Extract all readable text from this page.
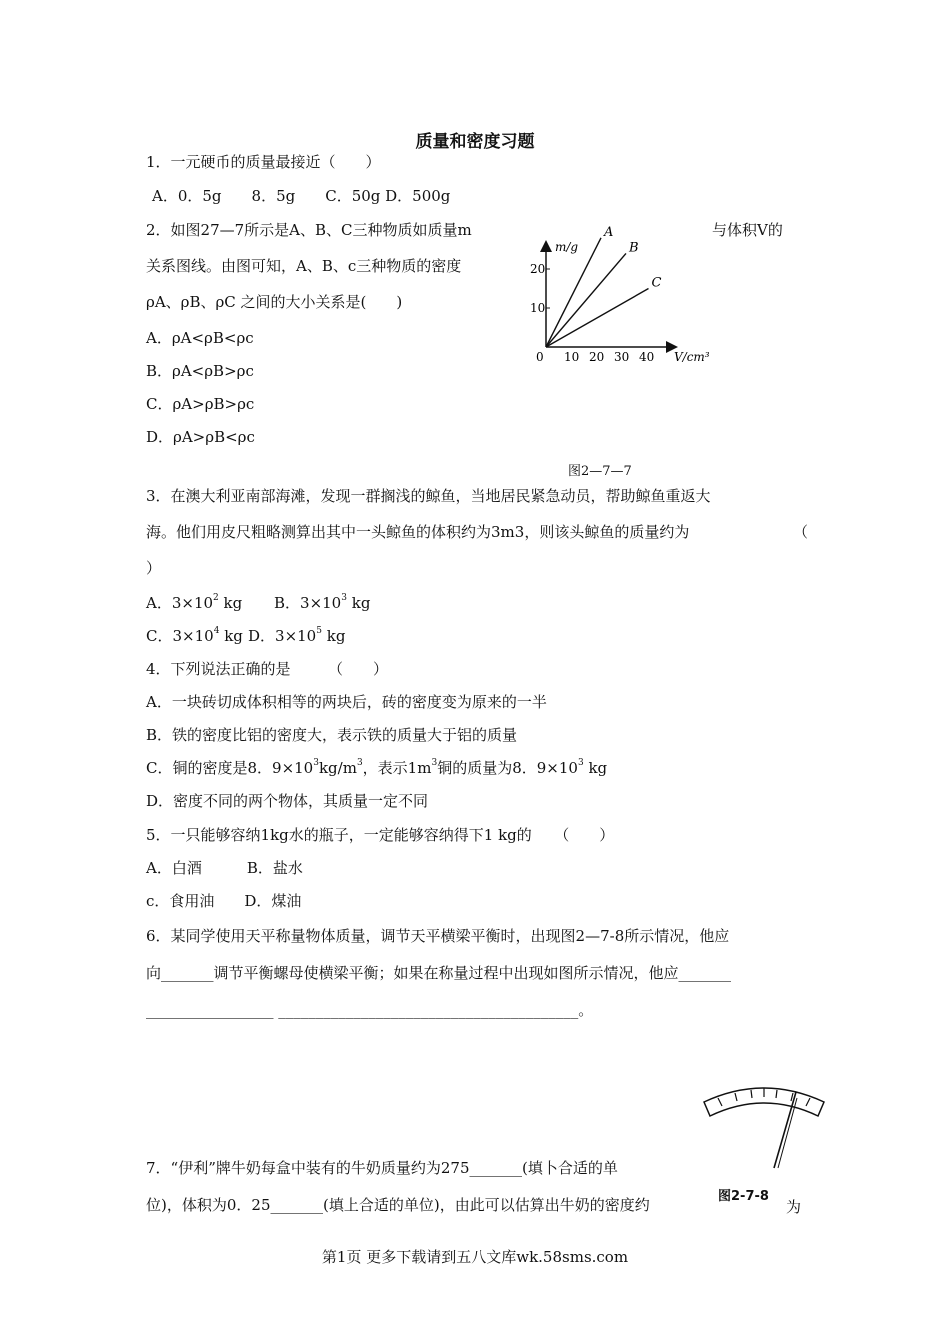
质量和密度习题
1．一元硬币的质量最接近（　　）
A．0．5g　　8．5g　　C．50g D．500g
2．如图27—7所示是A、B、C三种物质如质量m	与体积V的
关系图线。由图可知，A、B、c三种物质的密度
ρA、ρB、ρC 之间的大小关系是(　　)
A．ρA<ρB<ρc
B．ρA<ρB>ρc
C．ρA>ρB>ρc
D．ρA>ρB<ρc
m/g
V/cm³
0 10 20 30 40
10
20
A
B
C
图2—7—7
3．在澳大利亚南部海滩，发现一群搁浅的鲸鱼，当地居民紧急动员，帮助鲸鱼重返大
海。他们用皮尺粗略测算出其中一头鲸鱼的体积约为3m3，则该头鲸鱼的质量约为	（
）
A．$3\times 10^2$ kg B．$3\times 10^3$ kg
C．$3\times 10^4$ kg D．$3\times 10^5$ kg
4．下列说法正确的是　　　（　　）
A．一块砖切成体积相等的两块后，砖的密度变为原来的一半
B．铁的密度比铝的密度大，表示铁的质量大于铝的质量
C．铜的密度是8．$9\times 10^3kg/m^3$，表示$1m^3$铜的质量为8．$9\times 10^3$ kg
D．密度不同的两个物体，其质量一定不同
5．一只能够容纳1kg水的瓶子，一定能够容纳得下1 kg的　　（　　）
A．白酒　　　B．盐水
c．食用油　　D．煤油
6．某同学使用天平称量物体质量，调节天平横梁平衡时，出现图2—7-8所示情况，他应
向_______调节平衡螺母使横梁平衡；如果在称量过程中出现如图所示情况，他应_______
_________________ ________________________________________。
图2-7-8
7．“伊利”牌牛奶每盒中装有的牛奶质量约为275_______(填卜合适的单
位)，体积为0．25_______(填上合适的单位)，由此可以估算出牛奶的密度约	为
第1页 更多下载请到五八文库wk.58sms.com
